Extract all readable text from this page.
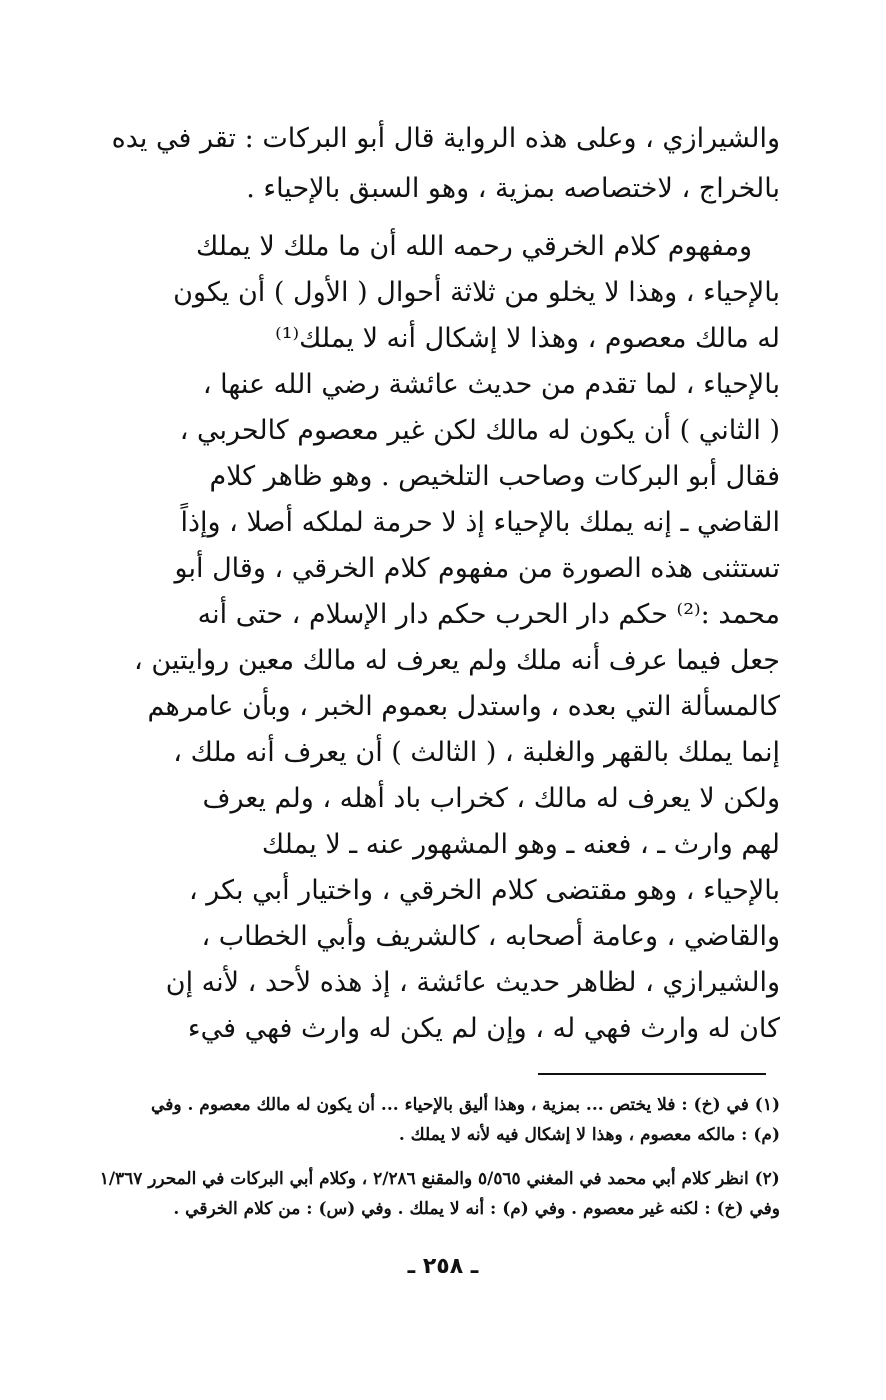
والشيرازي ، وعلى هذه الرواية قال أبو البركات : تقر في يده
بالخراج ، لاختصاصه بمزية ، وهو السبق بالإحياء .
ومفهوم كلام الخرقي رحمه الله أن ما ملك لا يملك
بالإحياء ، وهذا لا يخلو من ثلاثة أحوال ( الأول ) أن يكون
له مالك معصوم ، وهذا لا إشكال أنه لا يملك⁽¹⁾
بالإحياء ، لما تقدم من حديث عائشة رضي الله عنها ،
( الثاني ) أن يكون له مالك لكن غير معصوم كالحربي ،
فقال أبو البركات وصاحب التلخيص . وهو ظاهر كلام
القاضي ـ إنه يملك بالإحياء إذ لا حرمة لملكه أصلا ، وإذاً
تستثنى هذه الصورة من مفهوم كلام الخرقي ، وقال أبو
محمد :⁽²⁾ حكم دار الحرب حكم دار الإسلام ، حتى أنه
جعل فيما عرف أنه ملك ولم يعرف له مالك معين روايتين ،
كالمسألة التي بعده ، واستدل بعموم الخبر ، وبأن عامرهم
إنما يملك بالقهر والغلبة ، ( الثالث ) أن يعرف أنه ملك ،
ولكن لا يعرف له مالك ، كخراب باد أهله ، ولم يعرف
لهم وارث ـ ، فعنه ـ وهو المشهور عنه ـ لا يملك
بالإحياء ، وهو مقتضى كلام الخرقي ، واختيار أبي بكر ،
والقاضي ، وعامة أصحابه ، كالشريف وأبي الخطاب ،
والشيرازي ، لظاهر حديث عائشة ، إذ هذه لأحد ، لأنه إن
كان له وارث فهي له ، وإن لم يكن له وارث فهي فيء
(١) في (خ) : فلا يختص ... بمزية ، وهذا أليق بالإحياء ... أن يكون له مالك معصوم . وفي
(م) : مالكه معصوم ، وهذا لا إشكال فيه لأنه لا يملك .
(٢) انظر كلام أبي محمد في المغني ٥/٥٦٥ والمقنع ٢/٢٨٦ ، وكلام أبي البركات في المحرر ١/٣٦٧
وفي (خ) : لكنه غير معصوم . وفي (م) : أنه لا يملك . وفي (س) : من كلام الخرقي .
ـ ٢٥٨ ـ
